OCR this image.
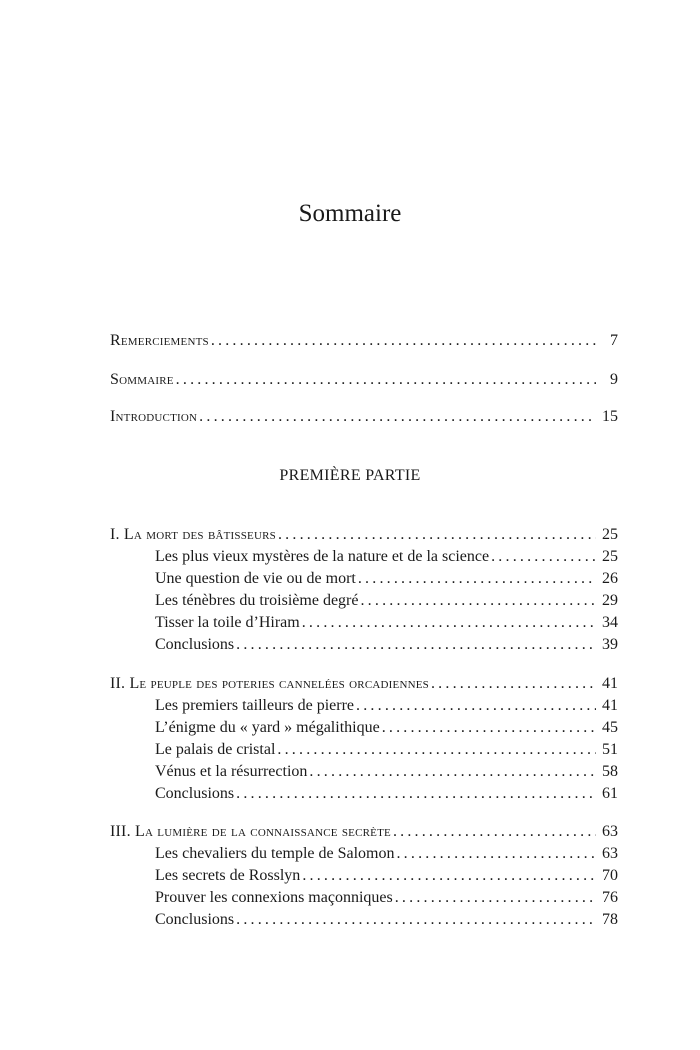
Sommaire
Remerciements .....	7
Sommaire .....	9
Introduction .....	15
I. La mort des bâtisseurs .....	25
Les plus vieux mystères de la nature et de la science .....	25
Une question de vie ou de mort .....	26
Les ténèbres du troisième degré .....	29
Tisser la toile d’Hiram .....	34
Conclusions .....	39
II. Le peuple des poteries cannelées orcadiennes .....	41
Les premiers tailleurs de pierre .....	41
L’énigme du « yard » mégalithique .....	45
Le palais de cristal .....	51
Vénus et la résurrection .....	58
Conclusions .....	61
III. La lumière de la connaissance secrète .....	63
Les chevaliers du temple de Salomon .....	63
Les secrets de Rosslyn .....	70
Prouver les connexions maçonniques .....	76
Conclusions .....	78
PREMIÈRE PARTIE
